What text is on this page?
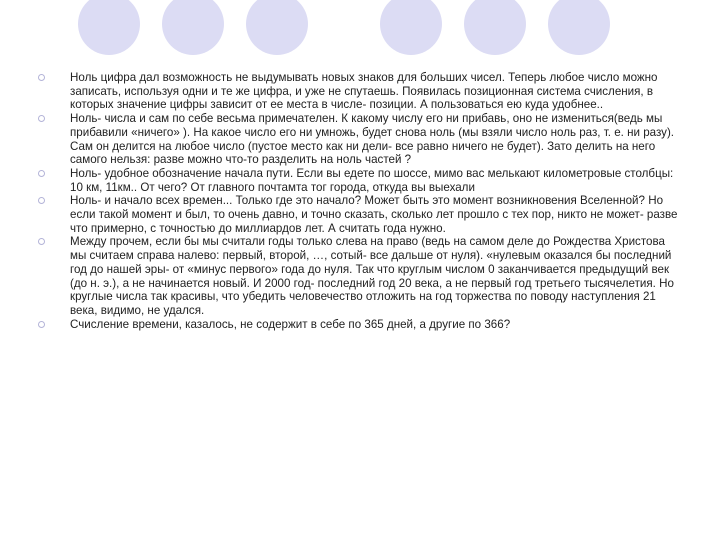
Ноль цифра дал возможность не выдумывать новых знаков для больших чисел. Теперь любое число можно записать, используя одни и те же цифра, и уже не спутаешь. Появилась позиционная система счисления, в которых значение цифры зависит от ее места в числе- позиции. А пользоваться ею куда удобнее..
Ноль- числа и сам по себе весьма примечателен. К какому числу его ни прибавь, оно не измениться(ведь мы прибавили «ничего» ). На какое число его ни умножь, будет снова ноль (мы взяли число ноль раз, т. е. ни разу). Сам он делится на любое число (пустое место как ни дели- все равно ничего не будет). Зато делить на него самого нельзя: разве можно что-то разделить на ноль частей ?
Ноль- удобное обозначение начала пути. Если вы едете по шоссе, мимо вас мелькают километровые столбцы: 10 км, 11км.. От чего? От главного почтамта тог города, откуда вы выехали
Ноль- и начало всех времен... Только где это начало? Может быть это момент возникновения Вселенной? Но если такой момент и был, то очень давно, и точно сказать, сколько лет прошло с тех пор, никто не может- разве что примерно, с точностью до миллиардов лет. А считать года нужно.
Между прочем, если бы мы считали годы только слева на право (ведь на самом деле до Рождества Христова мы считаем справа налево: первый, второй, …, сотый- все дальше от нуля). «нулевым оказался бы последний год до нашей эры- от «минус первого» года до нуля. Так что круглым числом 0 заканчивается предыдущий век (до н. э.), а не начинается новый. И 2000 год- последний год 20 века, а не первый год третьего тысячелетия. Но круглые числа так красивы, что убедить человечество отложить на год торжества по поводу наступления 21 века, видимо, не удался.
Счисление времени, казалось, не содержит в себе по 365 дней, а другие по 366?
